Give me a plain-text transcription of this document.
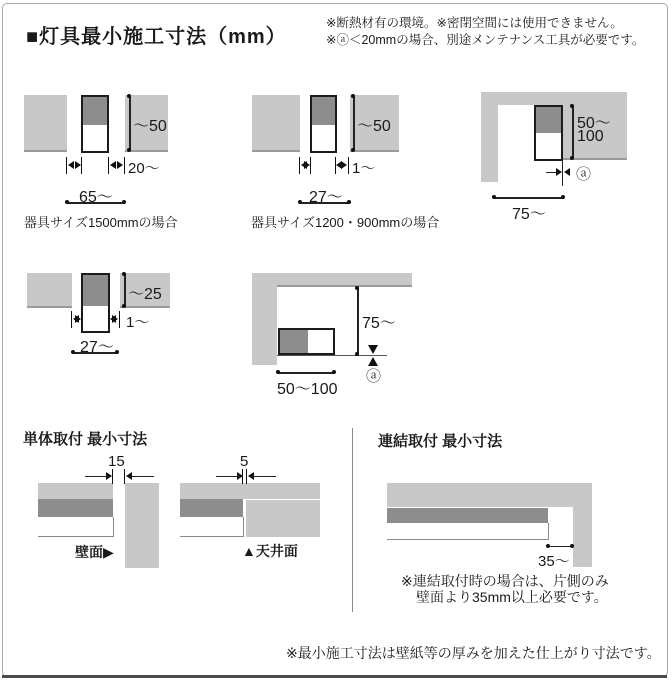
■灯具最小施工寸法（mm）
※断熱材有の環境。※密閉空間には使用できません。
※ⓐ＜20mmの場合、別途メンテナンス工具が必要です。
～50
20～
65～
器具サイズ1500mmの場合
～50
1～
27～
器具サイズ1200・900mmの場合
50～
100
ⓐ
75～
～25
1～
27～
75～
ⓐ
50～100
単体取付 最小寸法
15
壁面▶
5
▲天井面
連結取付 最小寸法
35～
※連結取付時の場合は、片側のみ
壁面より35mm以上必要です。
※最小施工寸法は壁紙等の厚みを加えた仕上がり寸法です。
